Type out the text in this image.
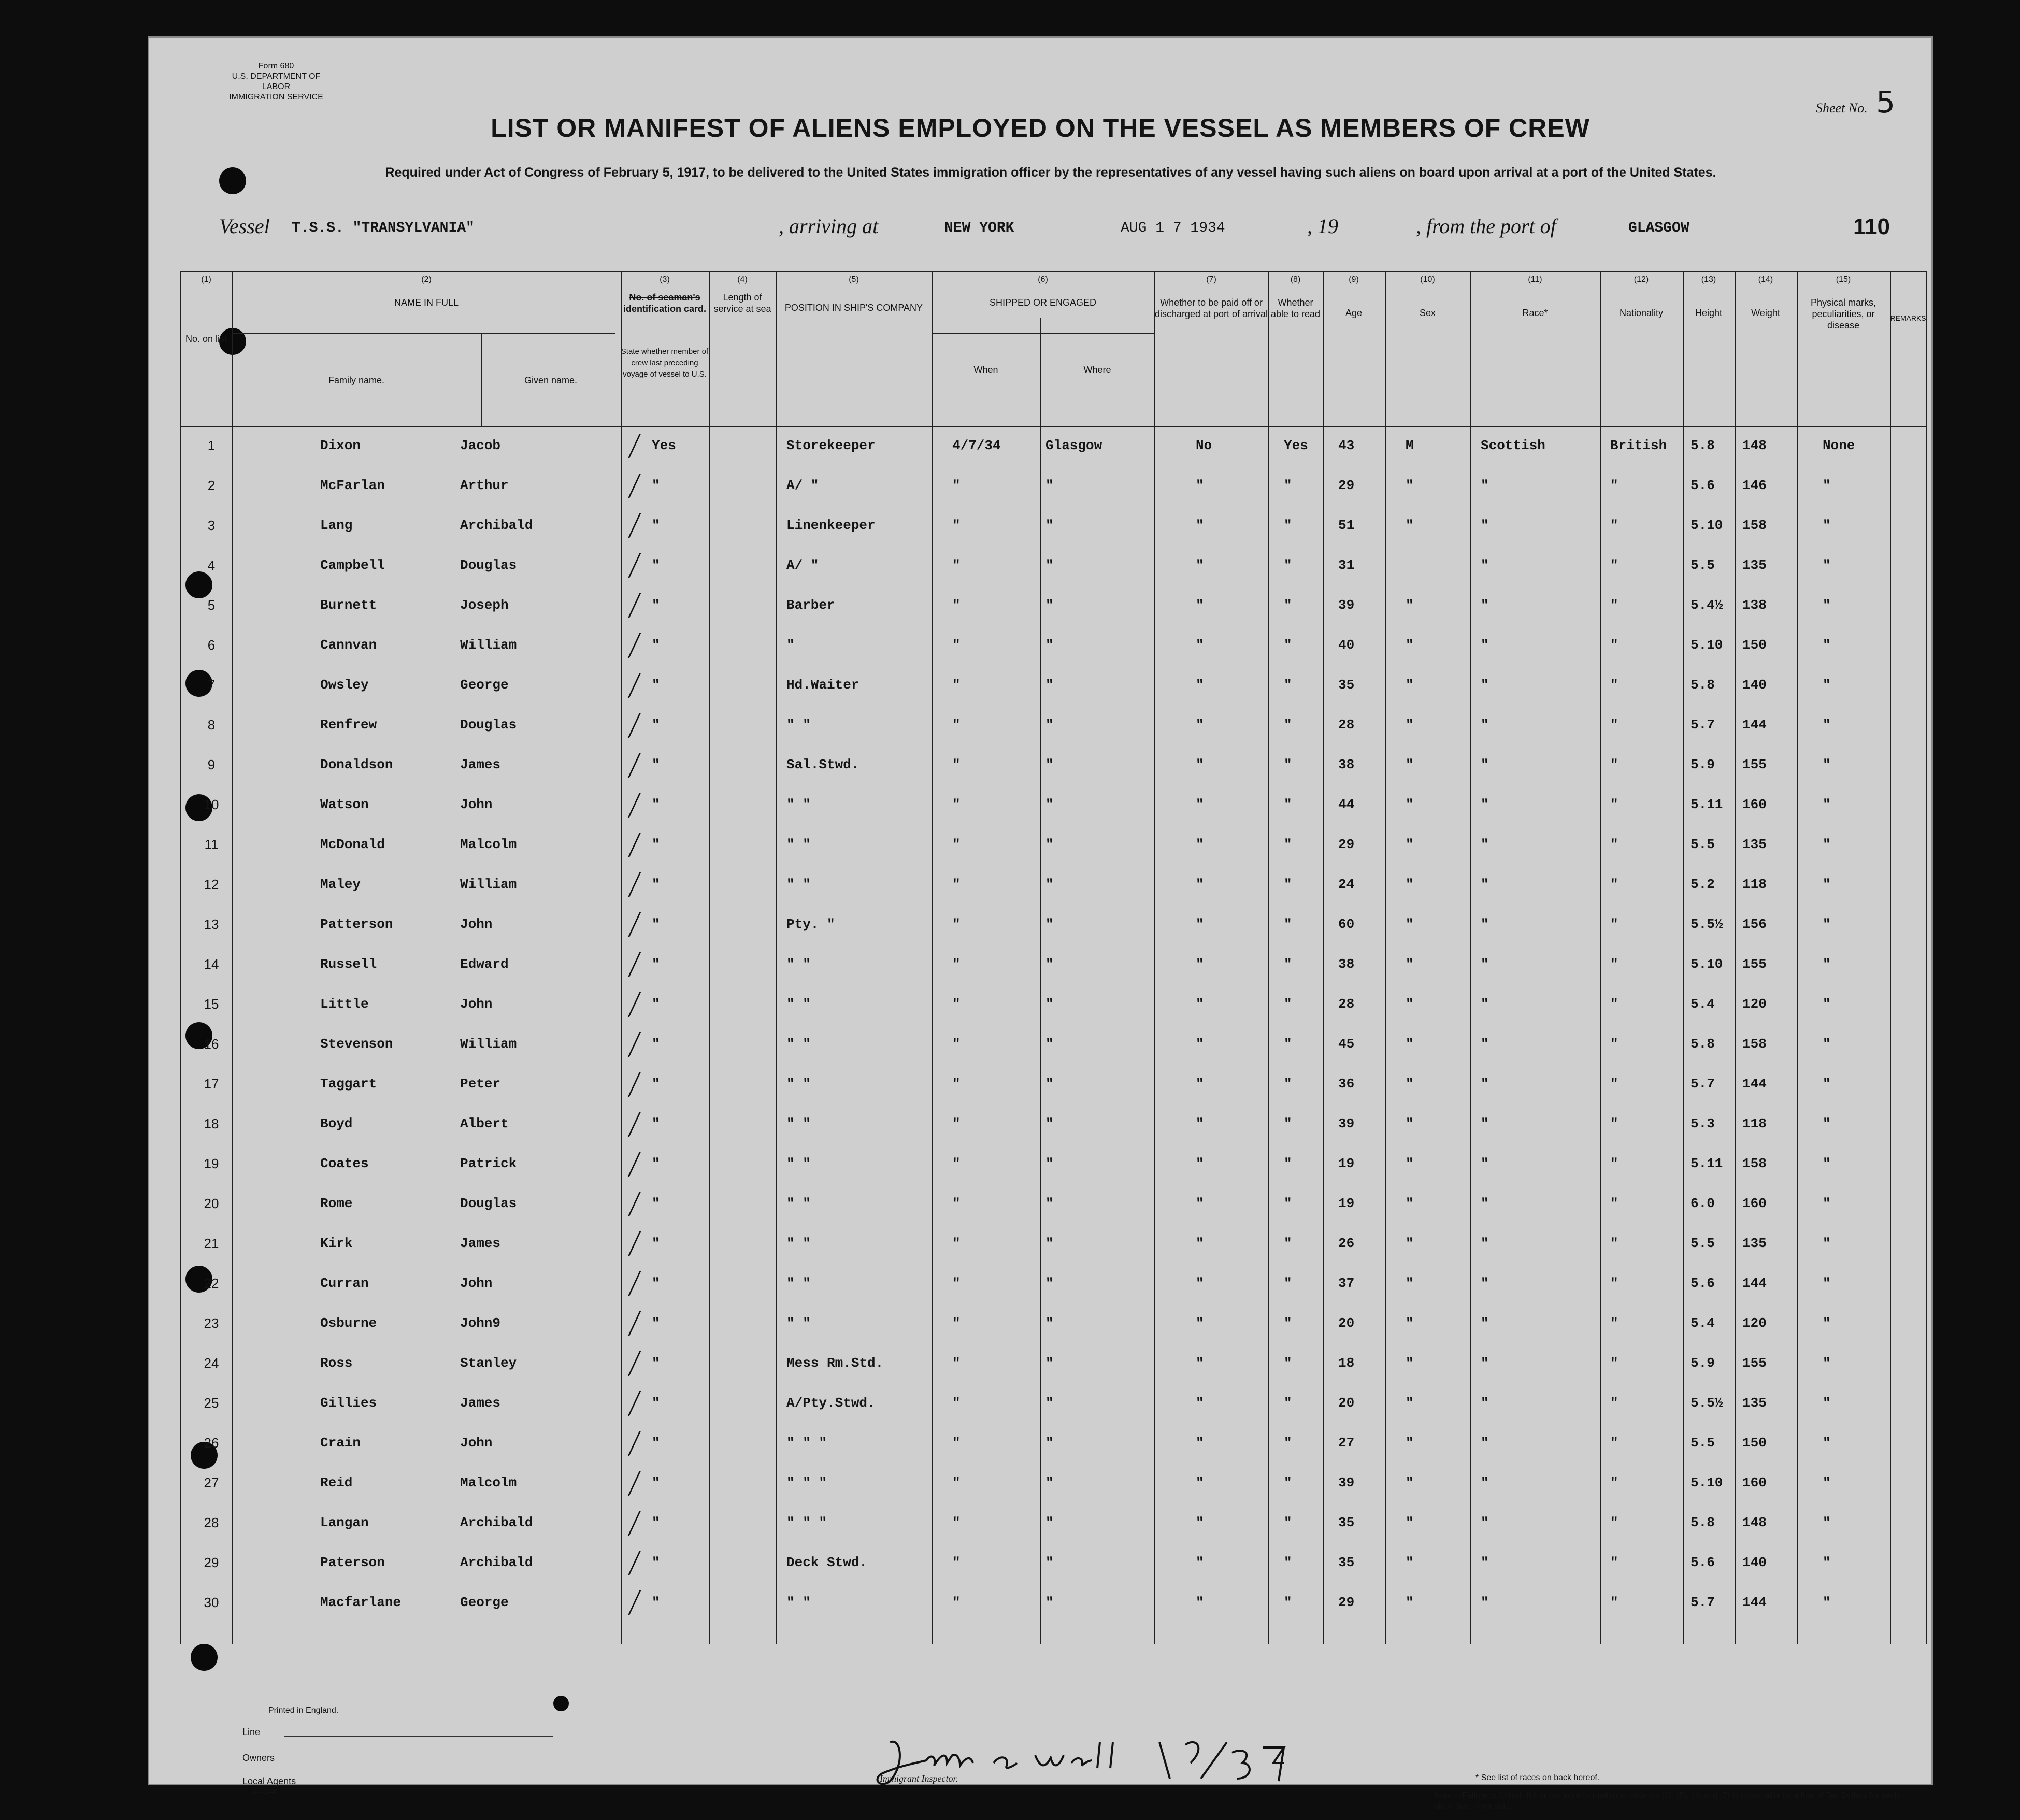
Form 680
U.S. DEPARTMENT OF LABOR
IMMIGRATION SERVICE
Sheet No. 5
LIST OR MANIFEST OF ALIENS EMPLOYED ON THE VESSEL AS MEMBERS OF CREW
Required under Act of Congress of February 5, 1917, to be delivered to the United States immigration officer by the representatives of any vessel having such aliens on board upon arrival at a port of the United States.
Vessel T.S.S. "TRANSYLVANIA"	, arriving at	NEW YORK	AUG 1 7 1934	, 19	, from the port of	GLASGOW	110
(1)	(2)	(3)	(4)	(5)	(6)	(7)	(8)	(9)	(10)	(11)	(12)	(13)	(14)	(15)
No. on list
NAME IN FULL
Family name.	Given name.
No. of seaman's identification card.
State whether member of crew last preceding voyage of vessel to U.S.
Length of service at sea	POSITION IN SHIP'S COMPANY	SHIPPED OR ENGAGED
When	Where
Whether to be paid off or discharged at port of arrival
Whether able to read	Age	Sex	Race*	Nationality	Height	Weight
Physical marks, peculiarities, or disease
REMARKS
1	Dixon	Jacob	Yes	Storekeeper	4/7/34	Glasgow	No	Yes 43	M	Scottish	British 5.8 148	None
2	McFarlan	Arthur	"	A/ "	"	"	"	"	29	"	"	"	5.6 146	"
3	Lang	Archibald	"	Linenkeeper	"	"	"	"	51	"	"	"	5.10 158	"
4	Campbell	Douglas	"	A/ "	"	"	"	"	31	"	"	5.5 135	"
5	Burnett	Joseph	"	Barber	"	"	"	"	39	"	"	"	5.4½ 138	"
6	Cannvan	William	"	"	"	"	"	"	40	"	"	"	5.10 150	"
7	Owsley	George	"	Hd.Waiter	"	"	"	"	35	"	"	"	5.8 140	"
8	Renfrew	Douglas	"	" "	"	"	"	"	28	"	"	"	5.7 144	"
9	Donaldson	James	"	Sal.Stwd.	"	"	"	"	38	"	"	"	5.9 155	"
10	Watson	John	"	" "	"	"	"	"	44	"	"	"	5.11 160	"
11	McDonald	Malcolm	"	" "	"	"	"	"	29	"	"	"	5.5 135	"
12	Maley	William	"	" "	"	"	"	"	24	"	"	"	5.2 118	"
13	Patterson	John	"	Pty. "	"	"	"	"	60	"	"	"	5.5½ 156	"
14	Russell	Edward	"	" "	"	"	"	"	38	"	"	"	5.10 155	"
15	Little	John	"	" "	"	"	"	"	28	"	"	"	5.4 120	"
16	Stevenson	William	"	" "	"	"	"	"	45	"	"	"	5.8 158	"
17	Taggart	Peter	"	" "	"	"	"	"	36	"	"	"	5.7 144	"
18	Boyd	Albert	"	" "	"	"	"	"	39	"	"	"	5.3 118	"
19	Coates	Patrick	"	" "	"	"	"	"	19	"	"	"	5.11 158	"
20	Rome	Douglas	"	" "	"	"	"	"	19	"	"	"	6.0 160	"
21	Kirk	James	"	" "	"	"	"	"	26	"	"	"	5.5 135	"
22	Curran	John	"	" "	"	"	"	"	37	"	"	"	5.6 144	"
23	Osburne	John9	"	" "	"	"	"	"	20	"	"	"	5.4 120	"
24	Ross	Stanley	"	Mess Rm.Std.	"	"	"	"	18	"	"	"	5.9 155	"
25	Gillies	James	"	A/Pty.Stwd.	"	"	"	"	20	"	"	"	5.5½ 135	"
26	Crain	John	"	" " "	"	"	"	"	27	"	"	"	5.5 150	"
27	Reid	Malcolm	"	" " "	"	"	"	"	39	"	"	"	5.10 160	"
28	Langan	Archibald	"	" " "	"	"	"	"	35	"	"	"	5.8 148	"
29	Paterson	Archibald	"	Deck Stwd.	"	"	"	"	35	"	"	"	5.6 140	"
30	Macfarlane	George	"	" "	"	"	"	"	29	"	"	"	5.7 144	"
Printed in England.
Line
Owners
Local Agents
14—1840
Immigrant Inspector.	* See list of races on back hereof.
Note.—Failure to furnish full or correct information in columns (3), (5), (6) and (7) is punishable by a fine of Ten Dollars for each alien. See other side.
